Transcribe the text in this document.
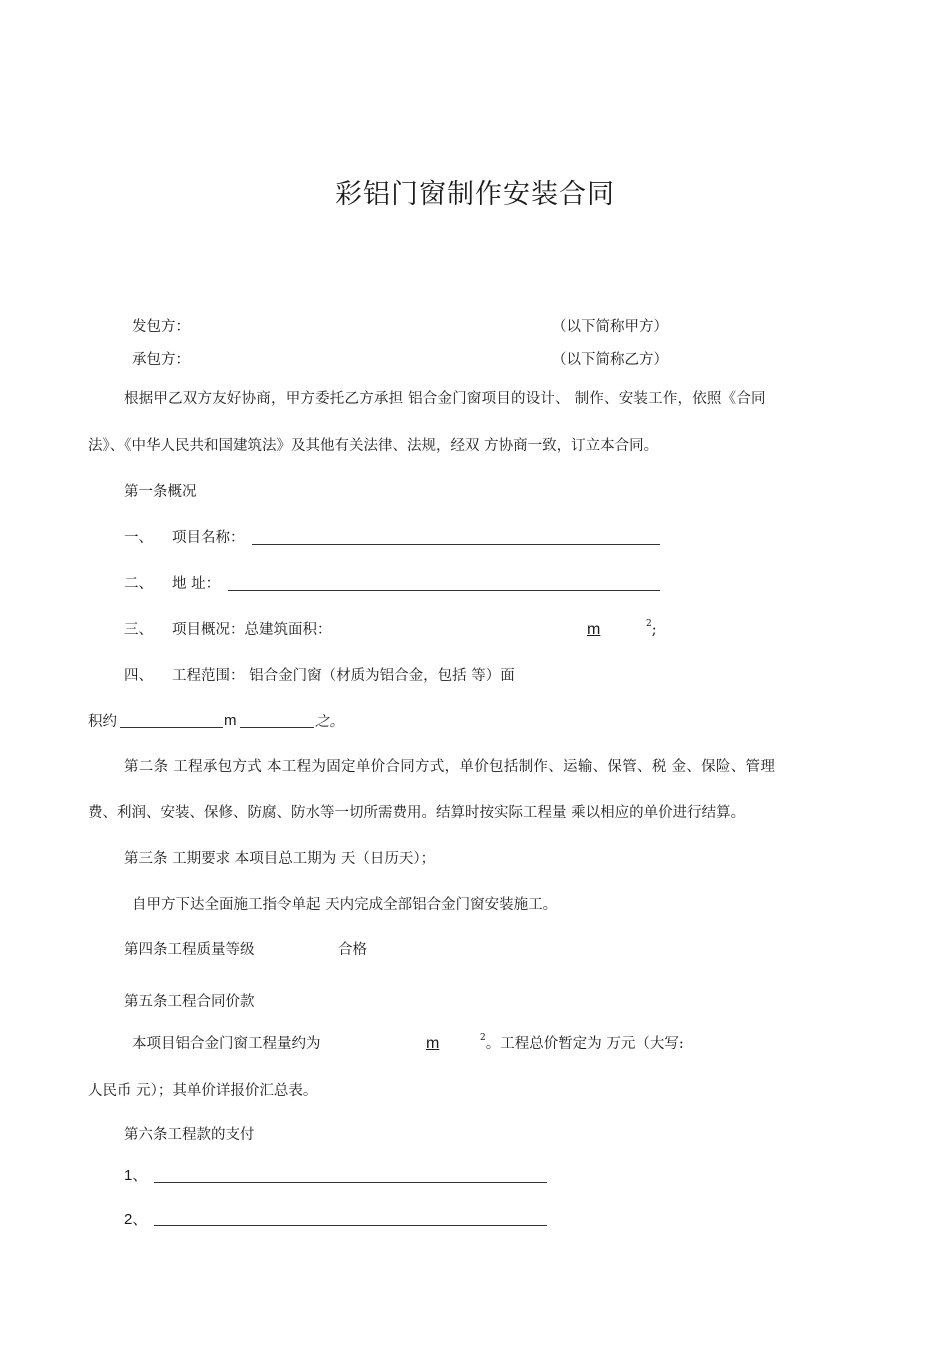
彩铝门窗制作安装合同
发包方：	（以下简称甲方）
承包方：	（以下简称乙方）
根据甲乙双方友好协商，甲方委托乙方承担 铝合金门窗项目的设计、 制作、安装工作，依照《合同
法》、《中华人民共和国建筑法》及其他有关法律、法规，经双 方协商一致，订立本合同。
第一条概况
一、 项目名称：
二、 地 址：
三、 项目概况：总建筑面积：	m	$^2$;
四、 工程范围： 铝合金门窗（材质为铝合金，包括 等）面
积约	m	之。
第二条 工程承包方式 本工程为固定单价合同方式，单价包括制作、运输、保管、税 金、保险、管理
费、利润、安装、保修、防腐、防水等一切所需费用。结算时按实际工程量 乘以相应的单价进行结算。
第三条 工期要求 本项目总工期为 天（日历天）；
自甲方下达全面施工指令单起 天内完成全部铝合金门窗安装施工。
第四条工程质量等级	合格
第五条工程合同价款
本项目铝合金门窗工程量约为	m	$^2$。工程总价暂定为 万元（大写:
人民币 元）；其单价详报价汇总表。
第六条工程款的支付
1、
2、
